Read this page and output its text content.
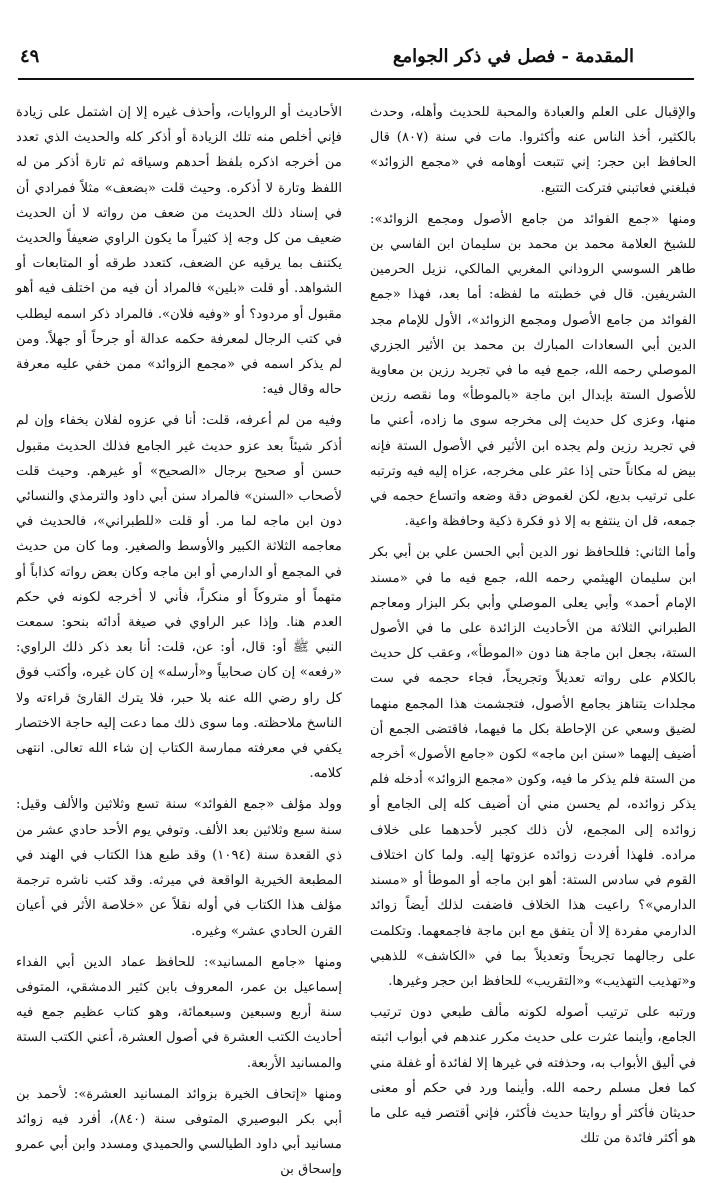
المقدمة - فصل في ذكر الجوامع
٤٩

والإقبال على العلم والعبادة والمحبة للحديث وأهله، وحدث بالكثير، أخذ الناس عنه وأكثروا. مات في سنة (٨٠٧) قال الحافظ ابن حجر: إني تتبعت أوهامه في «مجمع الزوائد» فبلغني فعاتبني فتركت التتبع.

ومنها «جمع الفوائد من جامع الأصول ومجمع الزوائد»: للشيخ العلامة محمد بن محمد بن سليمان ابن الفاسي بن طاهر السوسي الروداني المغربي المالكي، نزيل الحرمين الشريفين. قال في خطبته ما لفظه: أما بعد، فهذا «جمع الفوائد من جامع الأصول ومجمع الزوائد»، الأول للإمام مجد الدين أبي السعادات المبارك بن محمد بن الأثير الجزري الموصلي رحمه الله، جمع فيه ما في تجريد رزين بن معاوية للأصول الستة بإبدال ابن ماجة «بالموطأ» وما نقصه رزين منها، وعزى كل حديث إلى مخرجه سوى ما زاده، أعني ما في تجريد رزين ولم يجده ابن الأثير في الأصول الستة فإنه بيض له مكاناً حتى إذا عثر على مخرجه، عزاه إليه فيه وترتبه على ترتيب بديع، لكن لغموض دقة وضعه واتساع حجمه في جمعه، قل ان ينتفع به إلا ذو فكرة ذكية وحافظة واعية.

وأما الثاني: فللحافظ نور الدين أبي الحسن علي بن أبي بكر ابن سليمان الهيثمي رحمه الله، جمع فيه ما في «مسند الإمام أحمد» وأبي يعلى الموصلي وأبي بكر البزار ومعاجم الطبراني الثلاثة من الأحاديث الزائدة على ما في الأصول الستة، بجعل ابن ماجة هنا دون «الموطأ»، وعقب كل حديث بالكلام على رواته تعديلاً وتجريحاً، فجاء حجمه في ست مجلدات يتناهز بجامع الأصول، فتجشمت هذا المجمع منهما لضيق وسعي عن الإحاطة بكل ما فيهما، فاقتضى الجمع أن أضيف إليهما «سنن ابن ماجه» لكون «جامع الأصول» أخرجه من الستة فلم يذكر ما فيه، وكون «مجمع الزوائد» أدخله فلم يذكر زوائده، لم يحسن مني أن أضيف كله إلى الجامع أو زوائده إلى المجمع، لأن ذلك كجبر لأحدهما على خلاف مراده. فلهذا أفردت زوائده عزوتها إليه. ولما كان اختلاف القوم في سادس الستة: أهو ابن ماجه أو الموطأ أو «مسند الدارمي»؟ راعيت هذا الخلاف فاضفت لذلك أيضاً زوائد الدارمي مفردة إلا أن يتفق مع ابن ماجة فاجمعهما. وتكلمت على رجالهما تجريحاً وتعديلاً بما في «الكاشف» للذهبي و«تهذيب التهذيب» و«التقريب» للحافظ ابن حجر وغيرها.

ورتبه على ترتيب أصوله لكونه مألف طبعي دون ترتيب الجامع، وأينما عثرت على حديث مكرر عندهم في أبواب اثبته في أليق الأبواب به، وحذفته في غيرها إلا لفائدة أو غفلة مني كما فعل مسلم رحمه الله. وأينما ورد في حكم أو معنى حديثان فأكثر أو روايتا حديث فأكثر، فإني أقتصر فيه على ما هو أكثر فائدة من تلك

الأحاديث أو الروايات، وأحذف غيره إلا إن اشتمل على زيادة فإني أخلص منه تلك الزيادة أو أذكر كله والحديث الذي تعدد من أخرجه اذكره بلفظ أحدهم وسياقه ثم تارة أذكر من له اللفظ وتارة لا أذكره. وحيث قلت «بضعف» مثلاً فمرادي أن في إسناد ذلك الحديث من ضعف من رواته لا أن الحديث ضعيف من كل وجه إذ كثيراً ما يكون الراوي ضعيفاً والحديث يكتنف بما يرقيه عن الضعف، كتعدد طرقه أو المتابعات أو الشواهد. أو قلت «بلين» فالمراد أن فيه من اختلف فيه أهو مقبول أو مردود؟ أو «وفيه فلان». فالمراد ذكر اسمه ليطلب في كتب الرجال لمعرفة حكمه عدالة أو جرحاً أو جهلاً. ومن لم يذكر اسمه في «مجمع الزوائد» ممن خفي عليه معرفة حاله وقال فيه:

وفيه من لم أعرفه، قلت: أنا في عزوه لفلان بخفاء وإن لم أذكر شيئاً بعد عزو حديث غير الجامع فذلك الحديث مقبول حسن أو صحيح برجال «الصحيح» أو غيرهم. وحيث قلت لأصحاب «السنن» فالمراد سنن أبي داود والترمذي والنسائي دون ابن ماجه لما مر. أو قلت «للطبراني»، فالحديث في معاجمه الثلاثة الكبير والأوسط والصغير. وما كان من حديث في المجمع أو الدارمي أو ابن ماجه وكان بعض رواته كذاباً أو متهماً أو متروكاً أو منكراً، فأني لا أخرجه لكونه في حكم العدم هنا. وإذا عبر الراوي في صيغة أدائه بنحو: سمعت النبي ﷺ أو: قال، أو: عن، قلت: أنا بعد ذكر ذلك الراوي: «رفعه» إن كان صحابياً و«أرسله» إن كان غيره، وأكتب فوق كل راو رضي الله عنه بلا حبر، فلا يترك القارئ قراءته ولا الناسخ ملاحظته. وما سوى ذلك مما دعت إليه حاجة الاختصار يكفي في معرفته ممارسة الكتاب إن شاء الله تعالى. انتهى كلامه.

وولد مؤلف «جمع الفوائد» سنة تسع وثلاثين والألف وقيل: سنة سبع وثلاثين بعد الألف. وتوفي يوم الأحد حادي عشر من ذي القعدة سنة (١٠٩٤) وقد طبع هذا الكتاب في الهند في المطبعة الخيرية الواقعة في ميرثه. وقد كتب ناشره ترجمة مؤلف هذا الكتاب في أوله نقلاً عن «خلاصة الأثر في أعيان القرن الحادي عشر» وغيره.

ومنها «جامع المسانيد»: للحافظ عماد الدين أبي الفداء إسماعيل بن عمر، المعروف بابن كثير الدمشقي، المتوفى سنة أربع وسبعين وسبعمائة، وهو كتاب عظيم جمع فيه أحاديث الكتب العشرة في أصول العشرة، أعني الكتب الستة والمسانيد الأربعة.

ومنها «إتحاف الخيرة بزوائد المسانيد العشرة»: لأحمد بن أبي بكر البوصيري المتوفى سنة (٨٤٠)، أفرد فيه زوائد مسانيد أبي داود الطيالسي والحميدي ومسدد وابن أبي عمرو وإسحاق بن
